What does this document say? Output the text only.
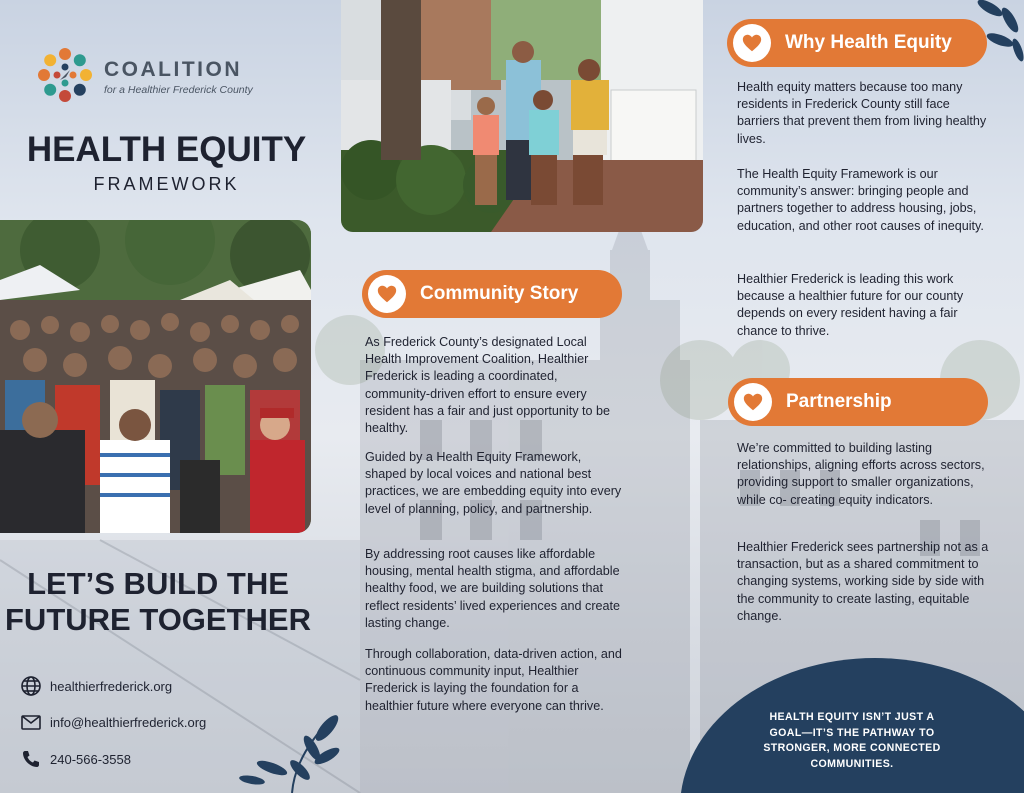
COALITION
for a Healthier Frederick County
HEALTH EQUITY
FRAMEWORK
LET’S BUILD THE
FUTURE TOGETHER
healthierfrederick.org
info@healthierfrederick.org
240-566-3558
Community Story
As Frederick County’s designated Local Health Improvement Coalition, Healthier Frederick is leading a coordinated, community-driven effort to ensure every resident has a fair and just opportunity to be healthy.
Guided by a Health Equity Framework, shaped by local voices and national best practices, we are embedding equity into every level of planning, policy, and partnership.
By addressing root causes like affordable housing, mental health stigma, and affordable healthy food, we are building solutions that reflect residents’ lived experiences and create lasting change.
Through collaboration, data-driven action, and continuous community input, Healthier Frederick is laying the foundation for a healthier future where everyone can thrive.
Why Health Equity
Health equity matters because too many residents in Frederick County still face barriers that prevent them from living healthy lives.
The Health Equity Framework is our community’s answer: bringing people and partners together to address housing, jobs, education, and other root causes of inequity.
Healthier Frederick is leading this work because a healthier future for our county depends on every resident having a fair chance to thrive.
Partnership
We’re committed to building lasting relationships, aligning efforts across sectors, providing support to smaller organizations, while co- creating equity indicators.
Healthier Frederick sees partnership not as a transaction, but as a shared commitment to changing systems, working side by side with the community to create lasting, equitable change.
HEALTH EQUITY ISN’T JUST A GOAL—IT’S THE PATHWAY TO STRONGER, MORE CONNECTED COMMUNITIES.
